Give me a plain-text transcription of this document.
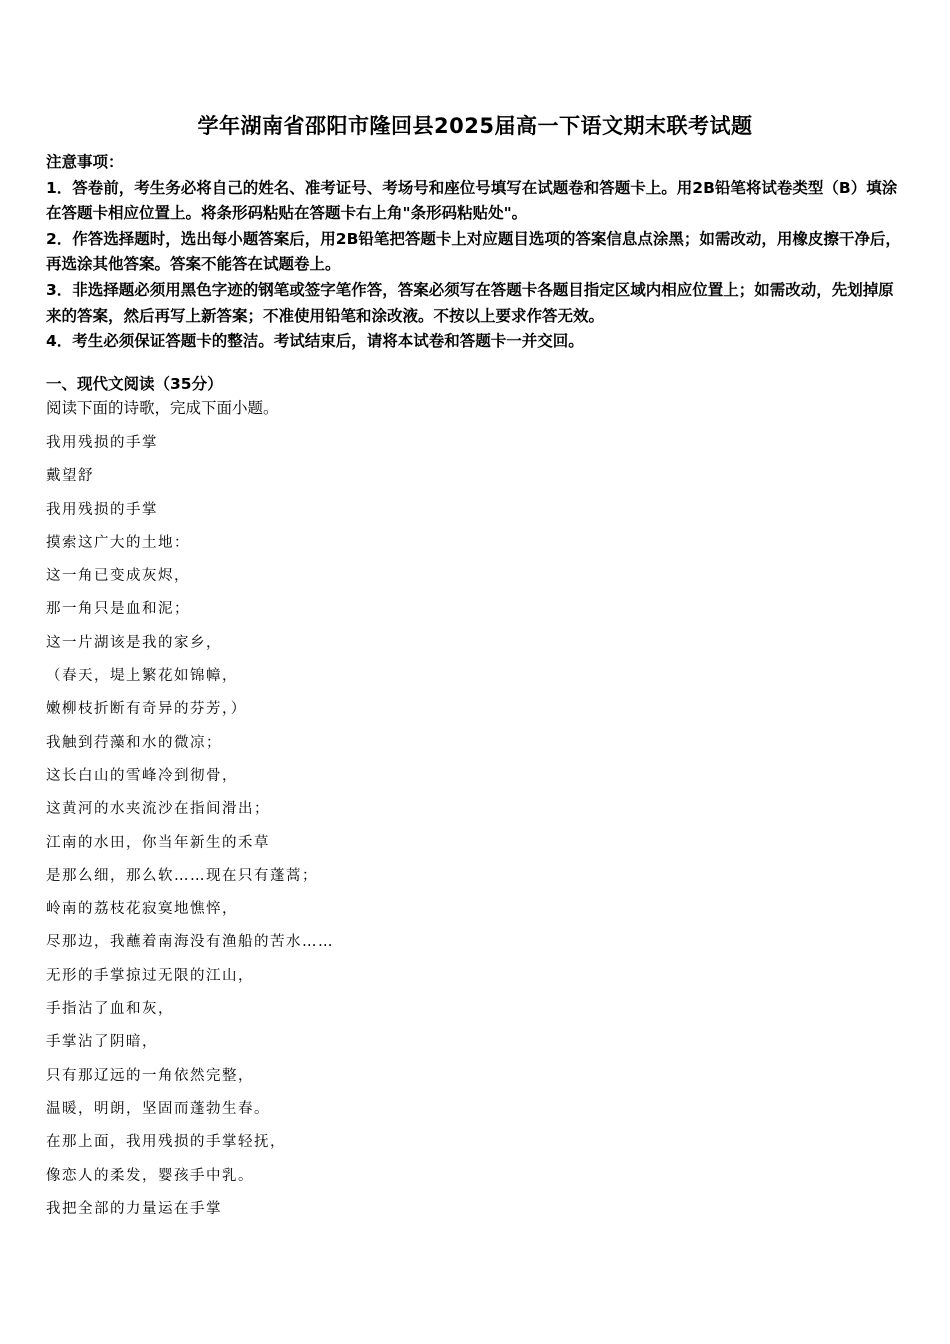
学年湖南省邵阳市隆回县2025届高一下语文期末联考试题

注意事项：

1．答卷前，考生务必将自己的姓名、准考证号、考场号和座位号填写在试题卷和答题卡上。用2B铅笔将试卷类型（B）填涂在答题卡相应位置上。将条形码粘贴在答题卡右上角"条形码粘贴处"。

2．作答选择题时，选出每小题答案后，用2B铅笔把答题卡上对应题目选项的答案信息点涂黑；如需改动，用橡皮擦干净后，再选涂其他答案。答案不能答在试题卷上。

3．非选择题必须用黑色字迹的钢笔或签字笔作答，答案必须写在答题卡各题目指定区域内相应位置上；如需改动，先划掉原来的答案，然后再写上新答案；不准使用铅笔和涂改液。不按以上要求作答无效。

4．考生必须保证答题卡的整洁。考试结束后，请将本试卷和答题卡一并交回。

一、现代文阅读（35分）

阅读下面的诗歌，完成下面小题。

我用残损的手掌
戴望舒
我用残损的手掌
摸索这广大的土地：
这一角已变成灰烬，
那一角只是血和泥；
这一片湖该是我的家乡，
（春天，堤上繁花如锦幛，
嫩柳枝折断有奇异的芬芳，）
我触到荇藻和水的微凉；
这长白山的雪峰冷到彻骨，
这黄河的水夹流沙在指间滑出；
江南的水田，你当年新生的禾草
是那么细，那么软……现在只有蓬蒿；
岭南的荔枝花寂寞地憔悴，
尽那边，我蘸着南海没有渔船的苦水……
无形的手掌掠过无限的江山，
手指沾了血和灰，
手掌沾了阴暗，
只有那辽远的一角依然完整，
温暖，明朗，坚固而蓬勃生春。
在那上面，我用残损的手掌轻抚，
像恋人的柔发，婴孩手中乳。
我把全部的力量运在手掌
